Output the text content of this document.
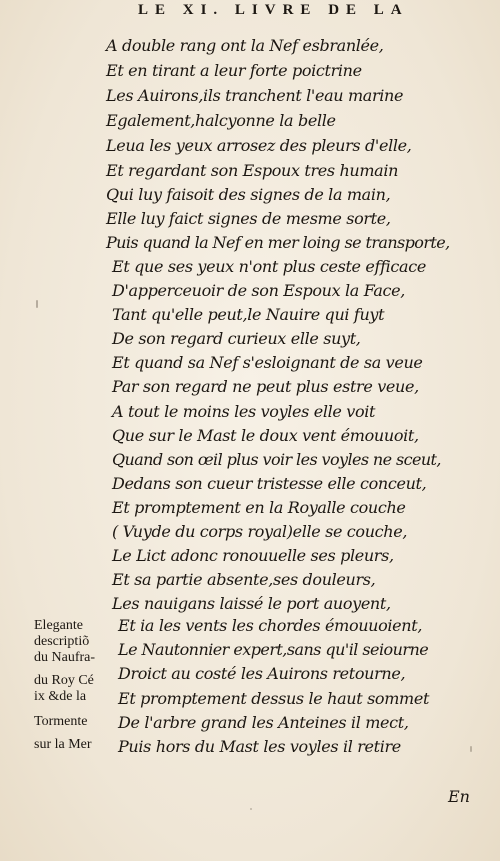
LE XI. LIVRE DE LA
A double rang ont la Nef esbranlée,
Et en tirant a leur forte poictrine
Les Auirons,ils tranchent l'eau marine
Egalement,halcyonne la belle
Leua les yeux arrosez des pleurs d'elle,
Et regardant son Espoux tres humain
Qui luy faisoit des signes de la main,
Elle luy faict signes de mesme sorte,
Puis quand la Nef en mer loing se transporte,
Et que ses yeux n'ont plus ceste efficace
D'apperceuoir de son Espoux la Face,
Tant qu'elle peut,le Nauire qui fuyt
De son regard curieux elle suyt,
Et quand sa Nef s'esloignant de sa veue
Par son regard ne peut plus estre veue,
A tout le moins les voyles elle voit
Que sur le Mast le doux vent émouuoit,
Quand son œil plus voir les voyles ne sceut,
Dedans son cueur tristesse elle conceut,
Et promptement en la Royalle couche
( Vuyde du corps royal)elle se couche,
Le Lict adonc ronouuelle ses pleurs,
Et sa partie absente,ses douleurs,
Les nauigans laissé le port auoyent,
Et ia les vents les chordes émouuoient,
Le Nautonnier expert,sans qu'il seiourne
Droict au costé les Auirons retourne,
Et promptement dessus le haut sommet
De l'arbre grand les Anteines il mect,
Puis hors du Mast les voyles il retire
Elegante
descriptiõ
du Naufra-
du Roy Cé
ix &de la
Tormente
sur la Mer
En
